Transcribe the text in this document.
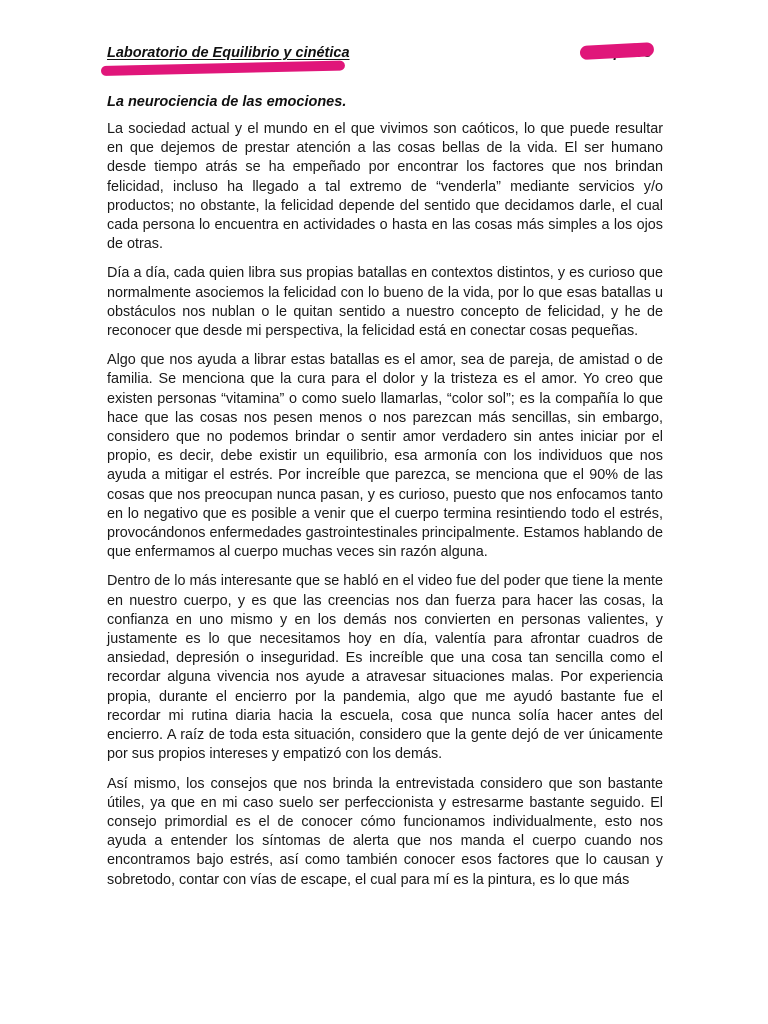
Laboratorio de Equilibrio y cinética
La neurociencia de las emociones.

La sociedad actual y el mundo en el que vivimos son caóticos, lo que puede resultar en que dejemos de prestar atención a las cosas bellas de la vida. El ser humano desde tiempo atrás se ha empeñado por encontrar los factores que nos brindan felicidad, incluso ha llegado a tal extremo de “venderla” mediante servicios y/o productos; no obstante, la felicidad depende del sentido que decidamos darle, el cual cada persona lo encuentra en actividades o hasta en las cosas más simples a los ojos de otras.

Día a día, cada quien libra sus propias batallas en contextos distintos, y es curioso que normalmente asociemos la felicidad con lo bueno de la vida, por lo que esas batallas u obstáculos nos nublan o le quitan sentido a nuestro concepto de felicidad, y he de reconocer que desde mi perspectiva, la felicidad está en conectar cosas pequeñas.

Algo que nos ayuda a librar estas batallas es el amor, sea de pareja, de amistad o de familia. Se menciona que la cura para el dolor y la tristeza es el amor. Yo creo que existen personas “vitamina” o como suelo llamarlas, “color sol”; es la compañía lo que hace que las cosas nos pesen menos o nos parezcan más sencillas, sin embargo, considero que no podemos brindar o sentir amor verdadero sin antes iniciar por el propio, es decir, debe existir un equilibrio, esa armonía con los individuos que nos ayuda a mitigar el estrés. Por increíble que parezca, se menciona que el 90% de las cosas que nos preocupan nunca pasan, y es curioso, puesto que nos enfocamos tanto en lo negativo que es posible a venir que el cuerpo termina resintiendo todo el estrés, provocándonos enfermedades gastrointestinales principalmente. Estamos hablando de que enfermamos al cuerpo muchas veces sin razón alguna.

Dentro de lo más interesante que se habló en el video fue del poder que tiene la mente en nuestro cuerpo, y es que las creencias nos dan fuerza para hacer las cosas, la confianza en uno mismo y en los demás nos convierten en personas valientes, y justamente es lo que necesitamos hoy en día, valentía para afrontar cuadros de ansiedad, depresión o inseguridad. Es increíble que una cosa tan sencilla como el recordar alguna vivencia nos ayude a atravesar situaciones malas. Por experiencia propia, durante el encierro por la pandemia, algo que me ayudó bastante fue el recordar mi rutina diaria hacia la escuela, cosa que nunca solía hacer antes del encierro. A raíz de toda esta situación, considero que la gente dejó de ver únicamente por sus propios intereses y empatizó con los demás.

Así mismo, los consejos que nos brinda la entrevistada considero que son bastante útiles, ya que en mi caso suelo ser perfeccionista y estresarme bastante seguido. El consejo primordial es el de conocer cómo funcionamos individualmente, esto nos ayuda a entender los síntomas de alerta que nos manda el cuerpo cuando nos encontramos bajo estrés, así como también conocer esos factores que lo causan y sobretodo, contar con vías de escape, el cual para mí es la pintura, es lo que más
